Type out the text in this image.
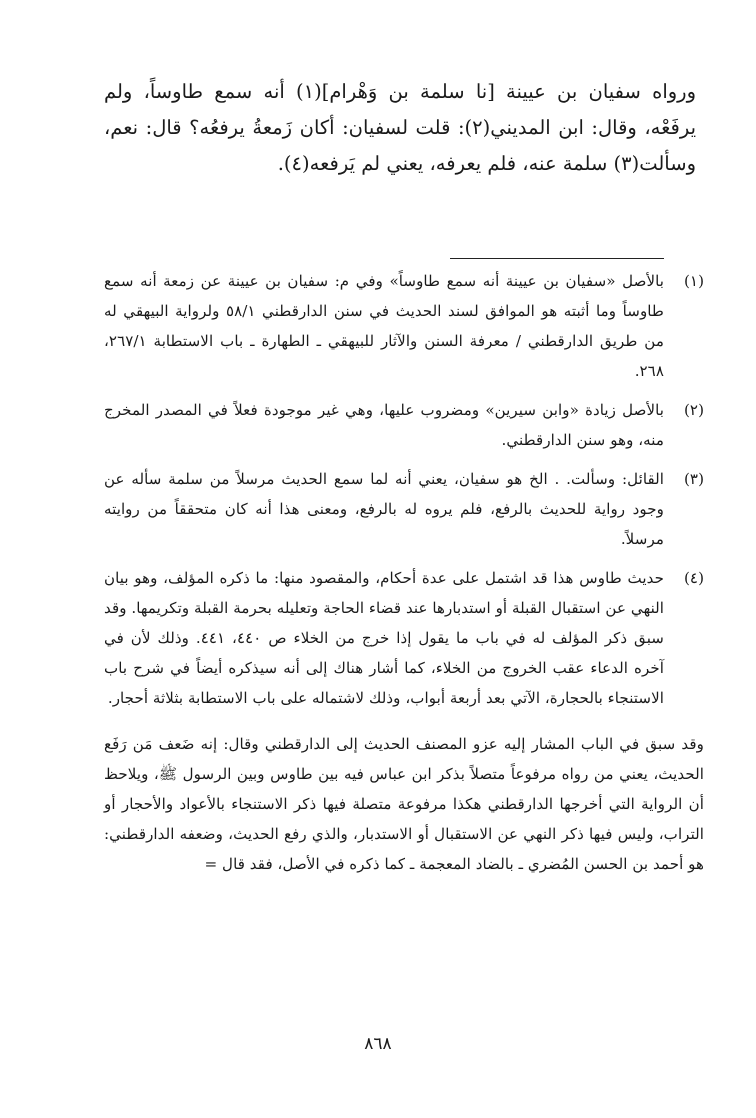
ورواه سفيان بن عيينة [نا سلمة بن وَهْرام](١) أنه سمع طاوساً، ولم يرفَعْه، وقال: ابن المديني(٢): قلت لسفيان: أكان زَمعةُ يرفعُه؟ قال: نعم، وسألت(٣) سلمة عنه، فلم يعرفه، يعني لم يَرفعه(٤).

(١)
بالأصل «سفيان بن عيينة أنه سمع طاوساً» وفي م: سفيان بن عيينة عن زمعة أنه سمع طاوساً وما أثبته هو الموافق لسند الحديث في سنن الدارقطني ٥٨/١ ولرواية البيهقي له من طريق الدارقطني / معرفة السنن والآثار للبيهقي ـ الطهارة ـ باب الاستطابة ٢٦٧/١، ٢٦٨.
(٢)
بالأصل زيادة «وابن سيرين» ومضروب عليها، وهي غير موجودة فعلاً في المصدر المخرج منه، وهو سنن الدارقطني.
(٣)
القائل: وسألت. . الخ هو سفيان، يعني أنه لما سمع الحديث مرسلاً من سلمة سأله عن وجود رواية للحديث بالرفع، فلم يروه له بالرفع، ومعنى هذا أنه كان متحققاً من روايته مرسلاً.
(٤)
حديث طاوس هذا قد اشتمل على عدة أحكام، والمقصود منها: ما ذكره المؤلف، وهو بيان النهي عن استقبال القبلة أو استدبارها عند قضاء الحاجة وتعليله بحرمة القبلة وتكريمها. وقد سبق ذكر المؤلف له في باب ما يقول إذا خرج من الخلاء ص ٤٤٠، ٤٤١. وذلك لأن في آخره الدعاء عقب الخروج من الخلاء، كما أشار هناك إلى أنه سيذكره أيضاً في شرح باب الاستنجاء بالحجارة، الآتي بعد أربعة أبواب، وذلك لاشتماله على باب الاستطابة بثلاثة أحجار.

وقد سبق في الباب المشار إليه عزو المصنف الحديث إلى الدارقطني وقال: إنه ضَعف مَن رَفَع الحديث، يعني من رواه مرفوعاً متصلاً بذكر ابن عباس فيه بين طاوس وبين الرسول ﷺ، ويلاحظ أن الرواية التي أخرجها الدارقطني هكذا مرفوعة متصلة فيها ذكر الاستنجاء بالأعواد والأحجار أو التراب، وليس فيها ذكر النهي عن الاستقبال أو الاستدبار، والذي رفع الحديث، وضعفه الدارقطني: هو أحمد بن الحسن المُضري ـ بالضاد المعجمة ـ كما ذكره في الأصل، فقد قال =

٨٦٨
